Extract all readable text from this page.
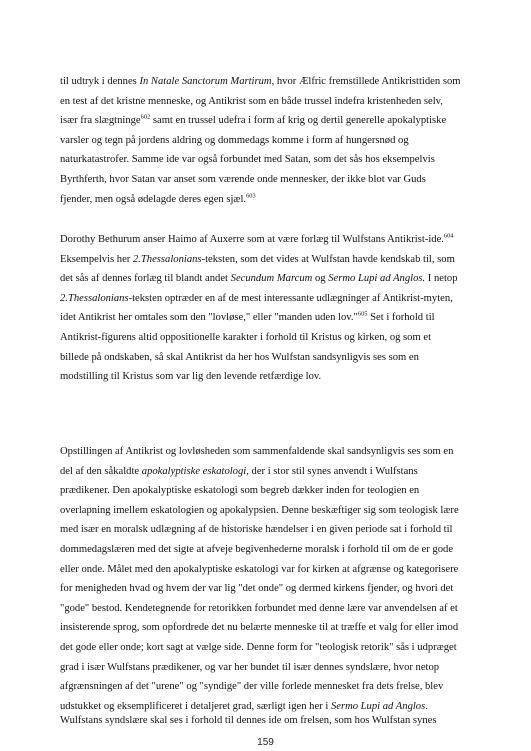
til udtryk i dennes In Natale Sanctorum Martirum, hvor Ælfric fremstillede Antikristtiden som
en test af det kristne menneske, og Antikrist som en både trussel indefra kristenheden selv,
især fra slægtninge$^{602}$ samt en trussel udefra i form af krig og dertil generelle apokalyptiske
varsler og tegn på jordens aldring og dommedags komme i form af hungersnød og
naturkatastrofer. Samme ide var også forbundet med Satan, som det sås hos eksempelvis
Byrthferth, hvor Satan var anset som værende onde mennesker, der ikke blot var Guds
fjender, men også ødelagde deres egen sjæl.$^{603}$
Dorothy Bethurum anser Haimo af Auxerre som at være forlæg til Wulfstans Antikrist-ide.$^{604}$
Eksempelvis her 2.Thessalonians-teksten, som det vides at Wulfstan havde kendskab til, som
det sås af dennes forlæg til blandt andet Secundum Marcum og Sermo Lupi ad Anglos. I netop
2.Thessalonians-teksten optræder en af de mest interessante udlægninger af Antikrist-myten,
idet Antikrist her omtales som den "lovløse," eller "manden uden lov."$^{605}$ Set i forhold til
Antikrist-figurens altid oppositionelle karakter i forhold til Kristus og kirken, og som et
billede på ondskaben, så skal Antikrist da her hos Wulfstan sandsynligvis ses som en
modstilling til Kristus som var lig den levende retfærdige lov.
Opstillingen af Antikrist og lovløsheden som sammenfaldende skal sandsynligvis ses som en
del af den såkaldte apokalyptiske eskatologi, der i stor stil synes anvendt i Wulfstans
prædikener. Den apokalyptiske eskatologi som begreb dækker inden for teologien en
overlapning imellem eskatologien og apokalypsien. Denne beskæftiger sig som teologisk lære
med især en moralsk udlægning af de historiske hændelser i en given periode sat i forhold til
dommedagslæren med det sigte at afveje begivenhederne moralsk i forhold til om de er gode
eller onde. Målet med den apokalyptiske eskatologi var for kirken at afgrænse og kategorisere
for menigheden hvad og hvem der var lig "det onde" og dermed kirkens fjender, og hvori det
"gode" bestod. Kendetegnende for retorikken forbundet med denne lære var anvendelsen af et
insisterende sprog, som opfordrede det nu belærte menneske til at træffe et valg for eller imod
det gode eller onde; kort sagt at vælge side. Denne form for "teologisk retorik" sås i udpræget
grad i især Wulfstans prædikener, og var her bundet til især dennes syndslære, hvor netop
afgrænsningen af det "urene" og "syndige" der ville forlede mennesket fra dets frelse, blev
udstukket og eksemplificeret i detaljeret grad, særligt igen her i Sermo Lupi ad Anglos.
Wulfstans syndslære skal ses i forhold til dennes ide om frelsen, som hos Wulfstan synes
159
